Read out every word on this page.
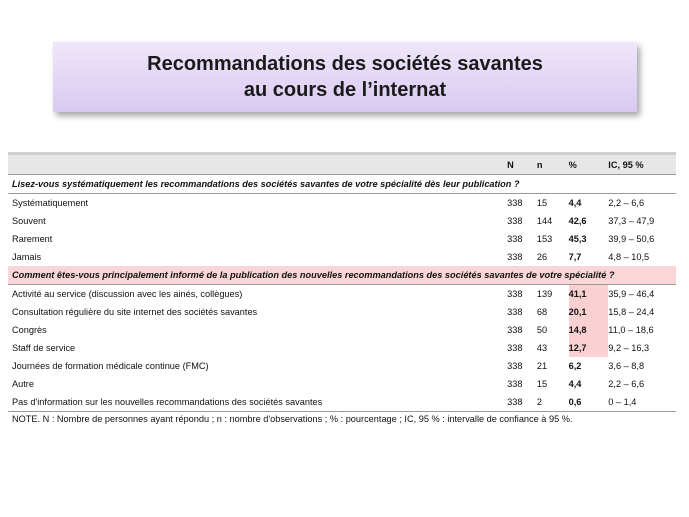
Recommandations des sociétés savantes
au cours de l’internat
	N	n	%	IC, 95 %
Lisez-vous systématiquement les recommandations des sociétés savantes de votre spécialité dès leur publication ?				
Systématiquement	338	15	4,4	2,2 – 6,6
Souvent	338	144	42,6	37,3 – 47,9
Rarement	338	153	45,3	39,9 – 50,6
Jamais	338	26	7,7	4,8 – 10,5
Comment êtes-vous principalement informé de la publication des nouvelles recommandations des sociétés savantes de votre spécialité ?				
Activité au service (discussion avec les ainés, collègues)	338	139	41,1	35,9 – 46,4
Consultation régulière du site internet des sociétés savantes	338	68	20,1	15,8 – 24,4
Congrès	338	50	14,8	11,0 – 18,6
Staff de service	338	43	12,7	9,2 – 16,3
Journées de formation médicale continue (FMC)	338	21	6,2	3,6 – 8,8
Autre	338	15	4,4	2,2 – 6,6
Pas d'information sur les nouvelles recommandations des sociétés savantes	338	2	0,6	0 – 1,4
NOTE. N : Nombre de personnes ayant répondu ; n : nombre d'observations ; % : pourcentage ; IC, 95 % : intervalle de confiance à 95 %.
